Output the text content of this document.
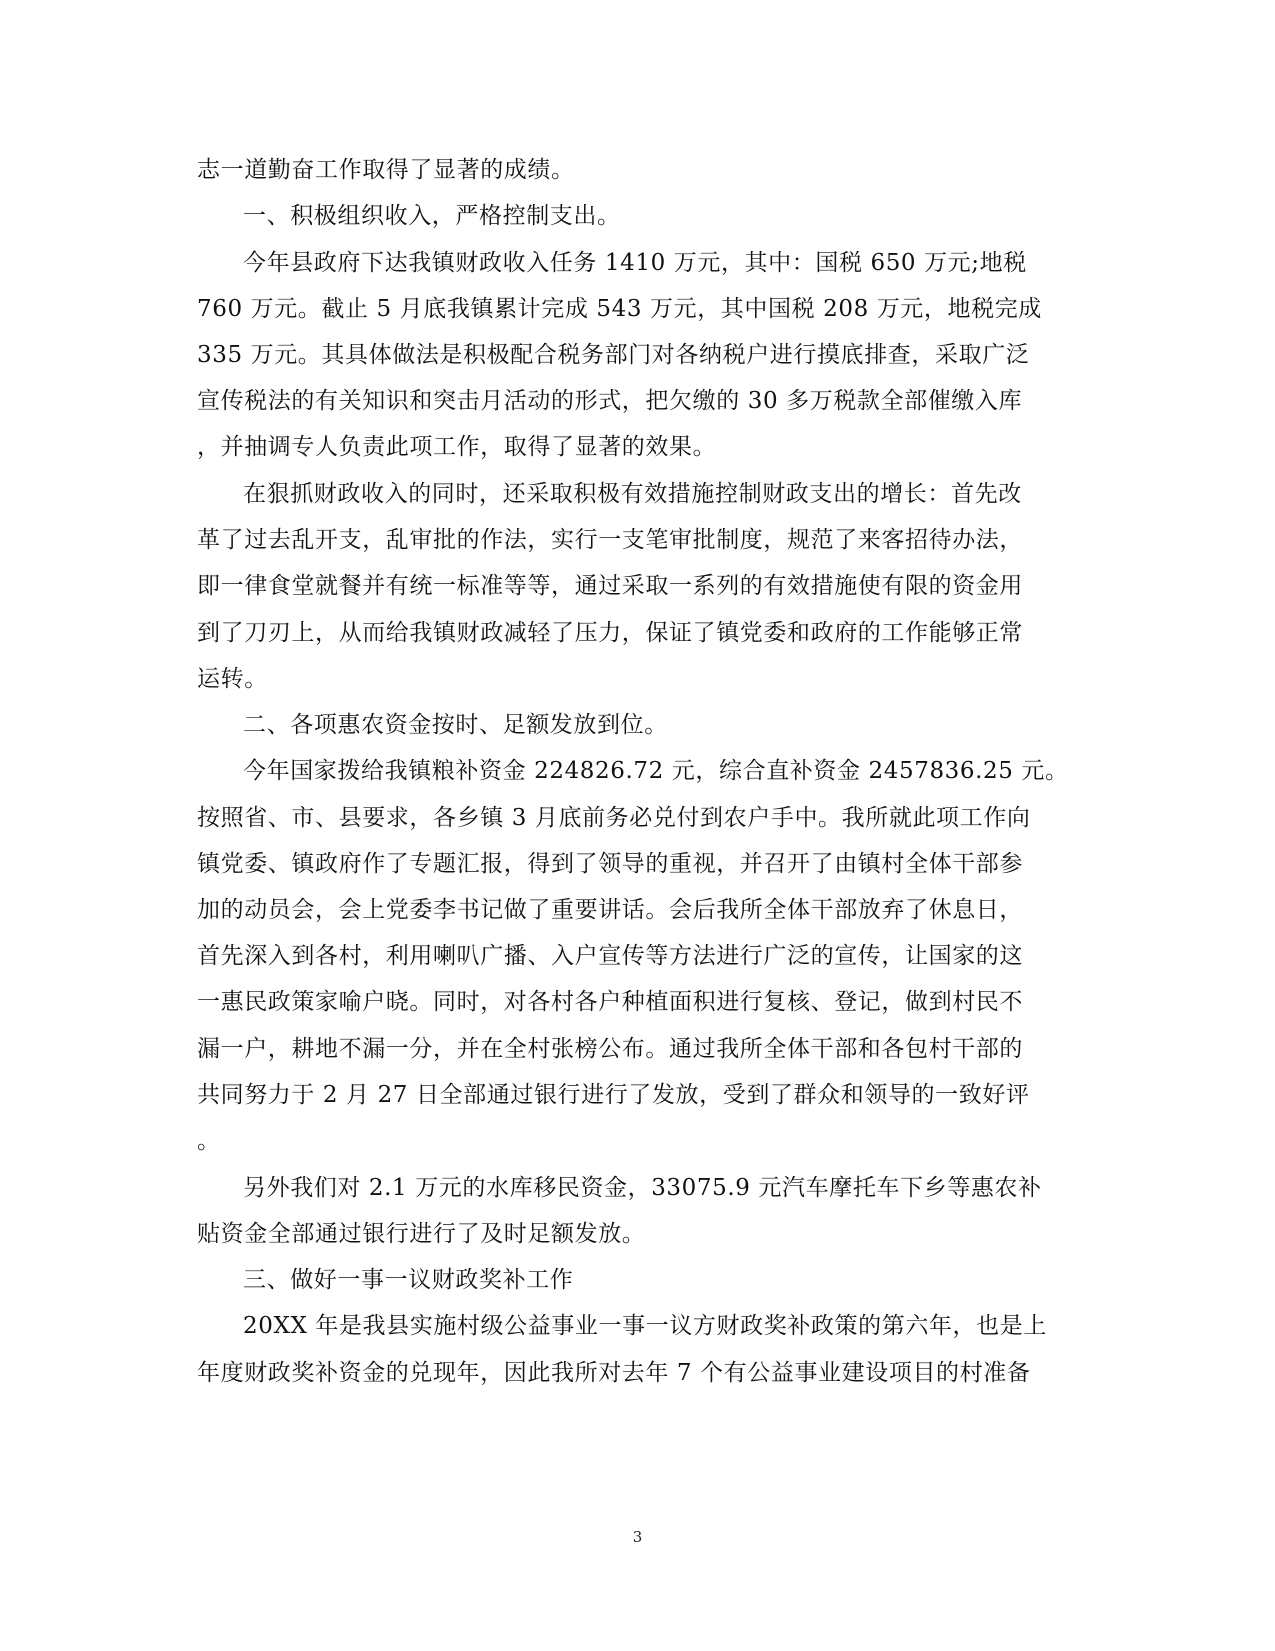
志一道勤奋工作取得了显著的成绩。
一、积极组织收入，严格控制支出。
今年县政府下达我镇财政收入任务 1410 万元，其中：国税 650 万元;地税
760 万元。截止 5 月底我镇累计完成 543 万元，其中国税 208 万元，地税完成
335 万元。其具体做法是积极配合税务部门对各纳税户进行摸底排查，采取广泛
宣传税法的有关知识和突击月活动的形式，把欠缴的 30 多万税款全部催缴入库
，并抽调专人负责此项工作，取得了显著的效果。
在狠抓财政收入的同时，还采取积极有效措施控制财政支出的增长：首先改
革了过去乱开支，乱审批的作法，实行一支笔审批制度，规范了来客招待办法，
即一律食堂就餐并有统一标准等等，通过采取一系列的有效措施使有限的资金用
到了刀刃上，从而给我镇财政减轻了压力，保证了镇党委和政府的工作能够正常
运转。
二、各项惠农资金按时、足额发放到位。
今年国家拨给我镇粮补资金 224826.72 元，综合直补资金 2457836.25 元。
按照省、市、县要求，各乡镇 3 月底前务必兑付到农户手中。我所就此项工作向
镇党委、镇政府作了专题汇报，得到了领导的重视，并召开了由镇村全体干部参
加的动员会，会上党委李书记做了重要讲话。会后我所全体干部放弃了休息日，
首先深入到各村，利用喇叭广播、入户宣传等方法进行广泛的宣传，让国家的这
一惠民政策家喻户晓。同时，对各村各户种植面积进行复核、登记，做到村民不
漏一户，耕地不漏一分，并在全村张榜公布。通过我所全体干部和各包村干部的
共同努力于 2 月 27 日全部通过银行进行了发放，受到了群众和领导的一致好评
。
另外我们对 2.1 万元的水库移民资金，33075.9 元汽车摩托车下乡等惠农补
贴资金全部通过银行进行了及时足额发放。
三、做好一事一议财政奖补工作
20XX 年是我县实施村级公益事业一事一议方财政奖补政策的第六年，也是上
年度财政奖补资金的兑现年，因此我所对去年 7 个有公益事业建设项目的村准备
3
